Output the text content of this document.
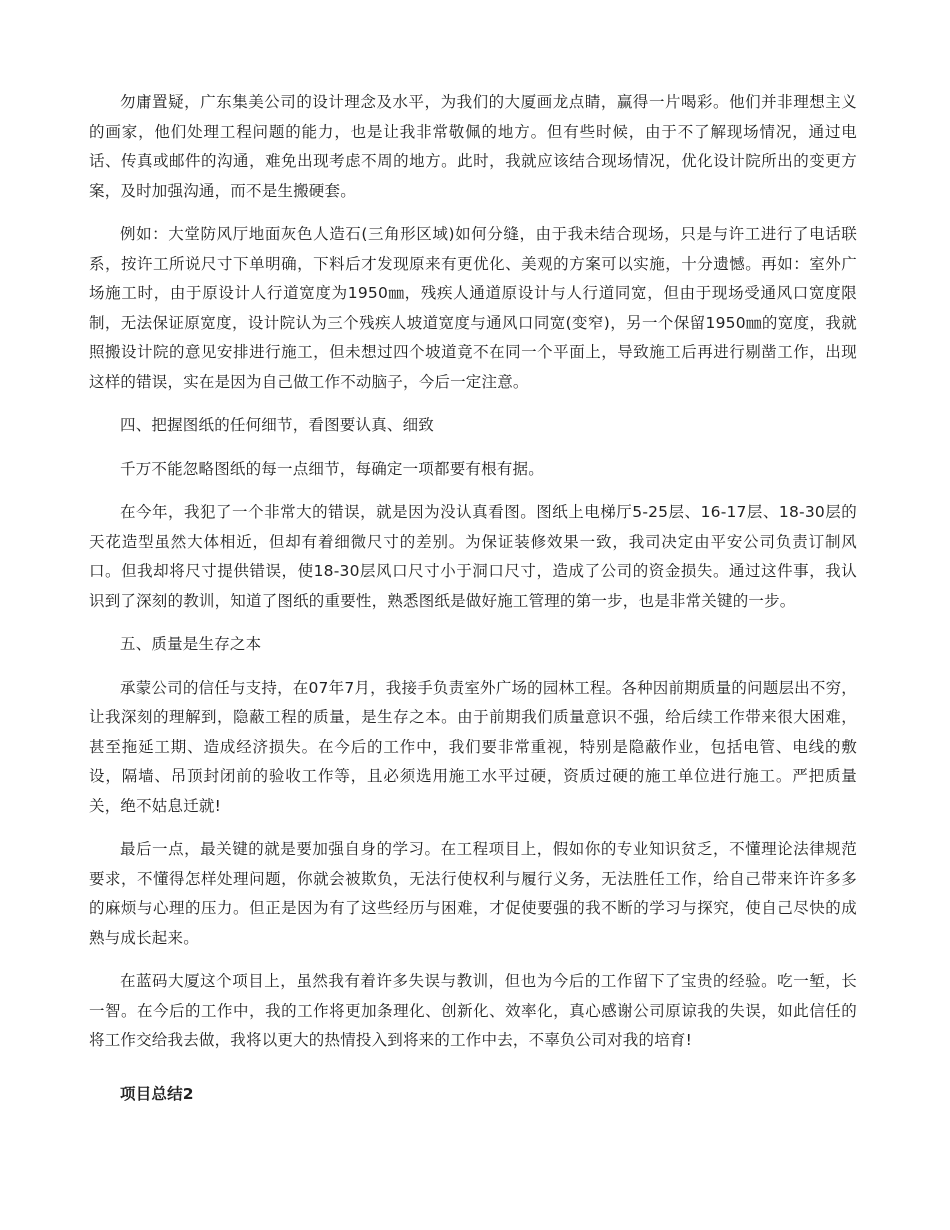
勿庸置疑，广东集美公司的设计理念及水平，为我们的大厦画龙点睛，赢得一片喝彩。他们并非理想主义的画家，他们处理工程问题的能力，也是让我非常敬佩的地方。但有些时候，由于不了解现场情况，通过电话、传真或邮件的沟通，难免出现考虑不周的地方。此时，我就应该结合现场情况，优化设计院所出的变更方案，及时加强沟通，而不是生搬硬套。

例如：大堂防风厅地面灰色人造石(三角形区域)如何分缝，由于我未结合现场，只是与许工进行了电话联系，按许工所说尺寸下单明确，下料后才发现原来有更优化、美观的方案可以实施，十分遗憾。再如：室外广场施工时，由于原设计人行道宽度为1950㎜，残疾人通道原设计与人行道同宽，但由于现场受通风口宽度限制，无法保证原宽度，设计院认为三个残疾人坡道宽度与通风口同宽(变窄)，另一个保留1950㎜的宽度，我就照搬设计院的意见安排进行施工，但未想过四个坡道竟不在同一个平面上，导致施工后再进行剔凿工作，出现这样的错误，实在是因为自己做工作不动脑子，今后一定注意。

四、把握图纸的任何细节，看图要认真、细致

千万不能忽略图纸的每一点细节，每确定一项都要有根有据。

在今年，我犯了一个非常大的错误，就是因为没认真看图。图纸上电梯厅5-25层、16-17层、18-30层的天花造型虽然大体相近，但却有着细微尺寸的差别。为保证装修效果一致，我司决定由平安公司负责订制风口。但我却将尺寸提供错误，使18-30层风口尺寸小于洞口尺寸，造成了公司的资金损失。通过这件事，我认识到了深刻的教训，知道了图纸的重要性，熟悉图纸是做好施工管理的第一步，也是非常关键的一步。

五、质量是生存之本

承蒙公司的信任与支持，在07年7月，我接手负责室外广场的园林工程。各种因前期质量的问题层出不穷，让我深刻的理解到，隐蔽工程的质量，是生存之本。由于前期我们质量意识不强，给后续工作带来很大困难，甚至拖延工期、造成经济损失。在今后的工作中，我们要非常重视，特别是隐蔽作业，包括电管、电线的敷设，隔墙、吊顶封闭前的验收工作等，且必须选用施工水平过硬，资质过硬的施工单位进行施工。严把质量关，绝不姑息迁就!

最后一点，最关键的就是要加强自身的学习。在工程项目上，假如你的专业知识贫乏，不懂理论法律规范要求，不懂得怎样处理问题，你就会被欺负，无法行使权利与履行义务，无法胜任工作，给自己带来许许多多的麻烦与心理的压力。但正是因为有了这些经历与困难，才促使要强的我不断的学习与探究，使自己尽快的成熟与成长起来。

在蓝码大厦这个项目上，虽然我有着许多失误与教训，但也为今后的工作留下了宝贵的经验。吃一堑，长一智。在今后的工作中，我的工作将更加条理化、创新化、效率化，真心感谢公司原谅我的失误，如此信任的将工作交给我去做，我将以更大的热情投入到将来的工作中去，不辜负公司对我的培育!

项目总结2
